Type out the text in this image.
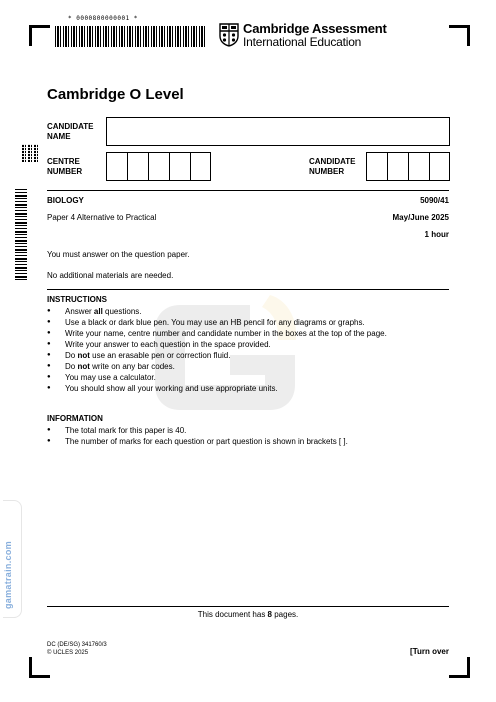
* 0000800000001 *
Cambridge Assessment
International Education
Cambridge O Level
CANDIDATE
NAME
CENTRE
NUMBER
CANDIDATE
NUMBER
BIOLOGY	5090/41
Paper 4 Alternative to Practical	May/June 2025
1 hour
You must answer on the question paper.
No additional materials are needed.
INSTRUCTIONS
● Answer all questions.
● Use a black or dark blue pen. You may use an HB pencil for any diagrams or graphs.
● Write your name, centre number and candidate number in the boxes at the top of the page.
● Write your answer to each question in the space provided.
● Do not use an erasable pen or correction fluid.
● Do not write on any bar codes.
● You may use a calculator.
● You should show all your working and use appropriate units.
INFORMATION
● The total mark for this paper is 40.
● The number of marks for each question or part question is shown in brackets [ ].
gamatrain.com
This document has 8 pages.
DC (DE/SG) 341760/3
© UCLES 2025	[Turn over
